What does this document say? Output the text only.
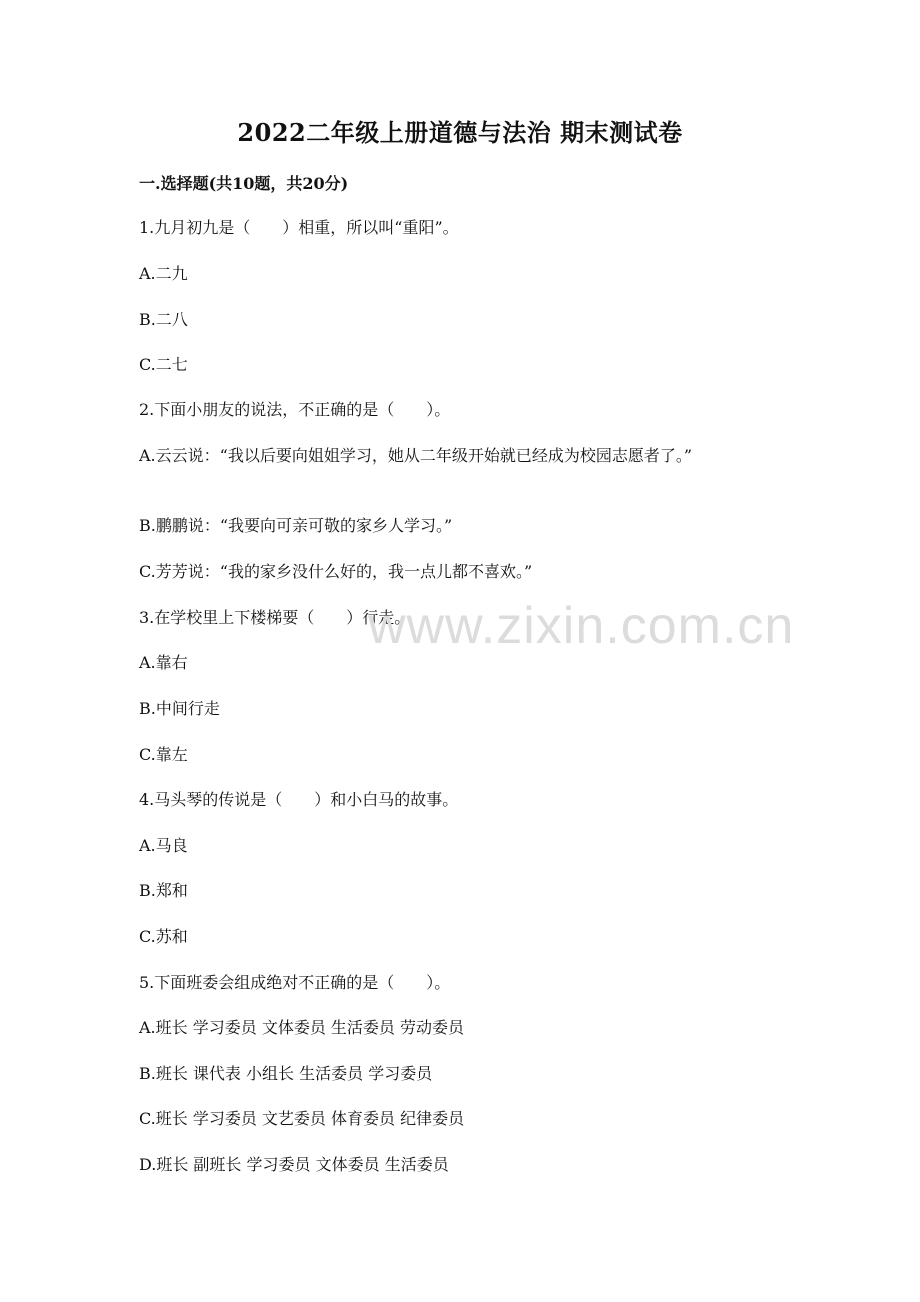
2022二年级上册道德与法治 期末测试卷
一.选择题(共10题，共20分)
1.九月初九是（　　）相重，所以叫“重阳”。
A.二九
B.二八
C.二七
2.下面小朋友的说法，不正确的是（　　）。
A.云云说：“我以后要向姐姐学习，她从二年级开始就已经成为校园志愿者了。”
B.鹏鹏说：“我要向可亲可敬的家乡人学习。”
C.芳芳说：“我的家乡没什么好的，我一点儿都不喜欢。”
3.在学校里上下楼梯要（　　）行走。
A.靠右
B.中间行走
C.靠左
4.马头琴的传说是（　　）和小白马的故事。
A.马良
B.郑和
C.苏和
5.下面班委会组成绝对不正确的是（　　）。
A.班长 学习委员 文体委员 生活委员 劳动委员
B.班长 课代表 小组长 生活委员 学习委员
C.班长 学习委员 文艺委员 体育委员 纪律委员
D.班长 副班长 学习委员 文体委员 生活委员
www.zixin.com.cn
